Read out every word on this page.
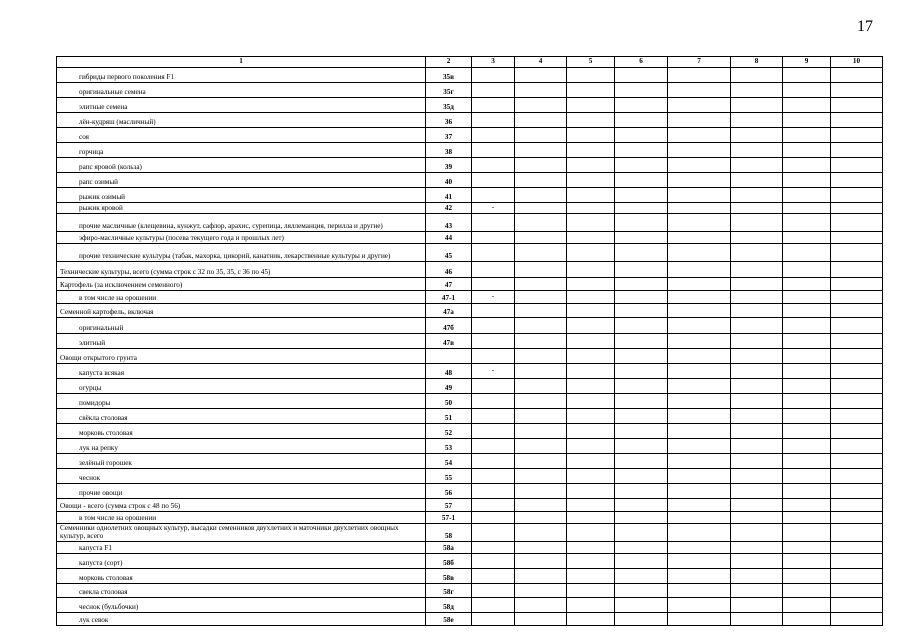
17
1	2	3	4	5	6	7	8	9	10
гибриды первого поколения F1	35в								
оригинальные семена	35г								
элитные семена	35д								
лён-кудряш (масличный)	36								
соя	37								
горчица	38								
рапс яровой (кольза)	39								
рапс озимый	40								
рыжик озимый	41								
рыжик яровой	42	-							
прочие масличные (клещевина, кунжут, сафлор, арахис, сурепица, ляллеманция, перилла и другие)	43								
эфиро-масличные культуры (посева текущего года и прошлых лет)	44								
прочие технические культуры (табак, махорка, цикорий, канатник, лекарственные культуры и другие)	45								
Технические культуры, всего (сумма строк с 32 по 35, 35, с 36 по 45)	46								
Картофель (за исключением семенного)	47								
в том числе на орошении	47-1	-							
Семенной картофель, включая	47а								
оригинальный	47б								
элитный	47в								
Овощи открытого грунта									
капуста всякая	48	-							
огурцы	49								
помидоры	50								
свёкла столовая	51								
морковь столовая	52								
лук на репку	53								
зелёный горошек	54								
чеснок	55								
прочие овощи	56								
Овощи - всего (сумма строк с 48 по 56)	57								
в том числе на орошении	57-1								
Семенники однолетних овощных культур, высадки семенников двухлетних и маточники двухлетних овощных культур, всего	58								
капуста F1	58а								
капуста (сорт)	58б								
морковь столовая	58в								
свекла столовая	58г								
чеснок (бульбочки)	58д								
лук севок	58е								
